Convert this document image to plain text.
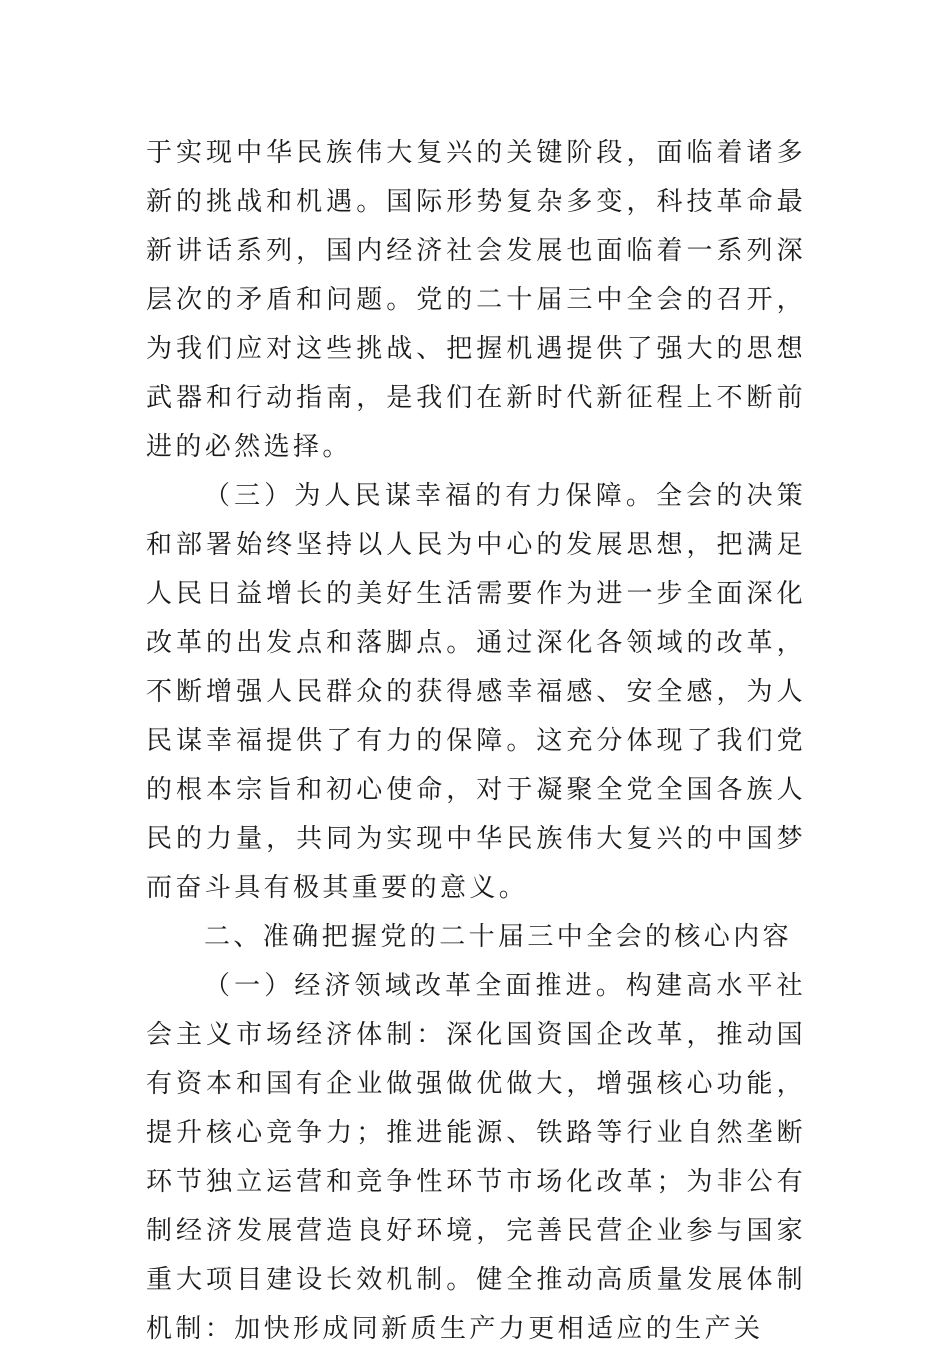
于实现中华民族伟大复兴的关键阶段，面临着诸多新的挑战和机遇。国际形势复杂多变，科技革命最新讲话系列，国内经济社会发展也面临着一系列深层次的矛盾和问题。党的二十届三中全会的召开，为我们应对这些挑战、把握机遇提供了强大的思想武器和行动指南，是我们在新时代新征程上不断前进的必然选择。

（三）为人民谋幸福的有力保障。全会的决策和部署始终坚持以人民为中心的发展思想，把满足人民日益增长的美好生活需要作为进一步全面深化改革的出发点和落脚点。通过深化各领域的改革，不断增强人民群众的获得感幸福感、安全感，为人民谋幸福提供了有力的保障。这充分体现了我们党的根本宗旨和初心使命，对于凝聚全党全国各族人民的力量，共同为实现中华民族伟大复兴的中国梦而奋斗具有极其重要的意义。

二、准确把握党的二十届三中全会的核心内容

（一）经济领域改革全面推进。构建高水平社会主义市场经济体制：深化国资国企改革，推动国有资本和国有企业做强做优做大，增强核心功能，提升核心竞争力；推进能源、铁路等行业自然垄断环节独立运营和竞争性环节市场化改革；为非公有制经济发展营造良好环境，完善民营企业参与国家重大项目建设长效机制。健全推动高质量发展体制机制：加快形成同新质生产力更相适应的生产关
